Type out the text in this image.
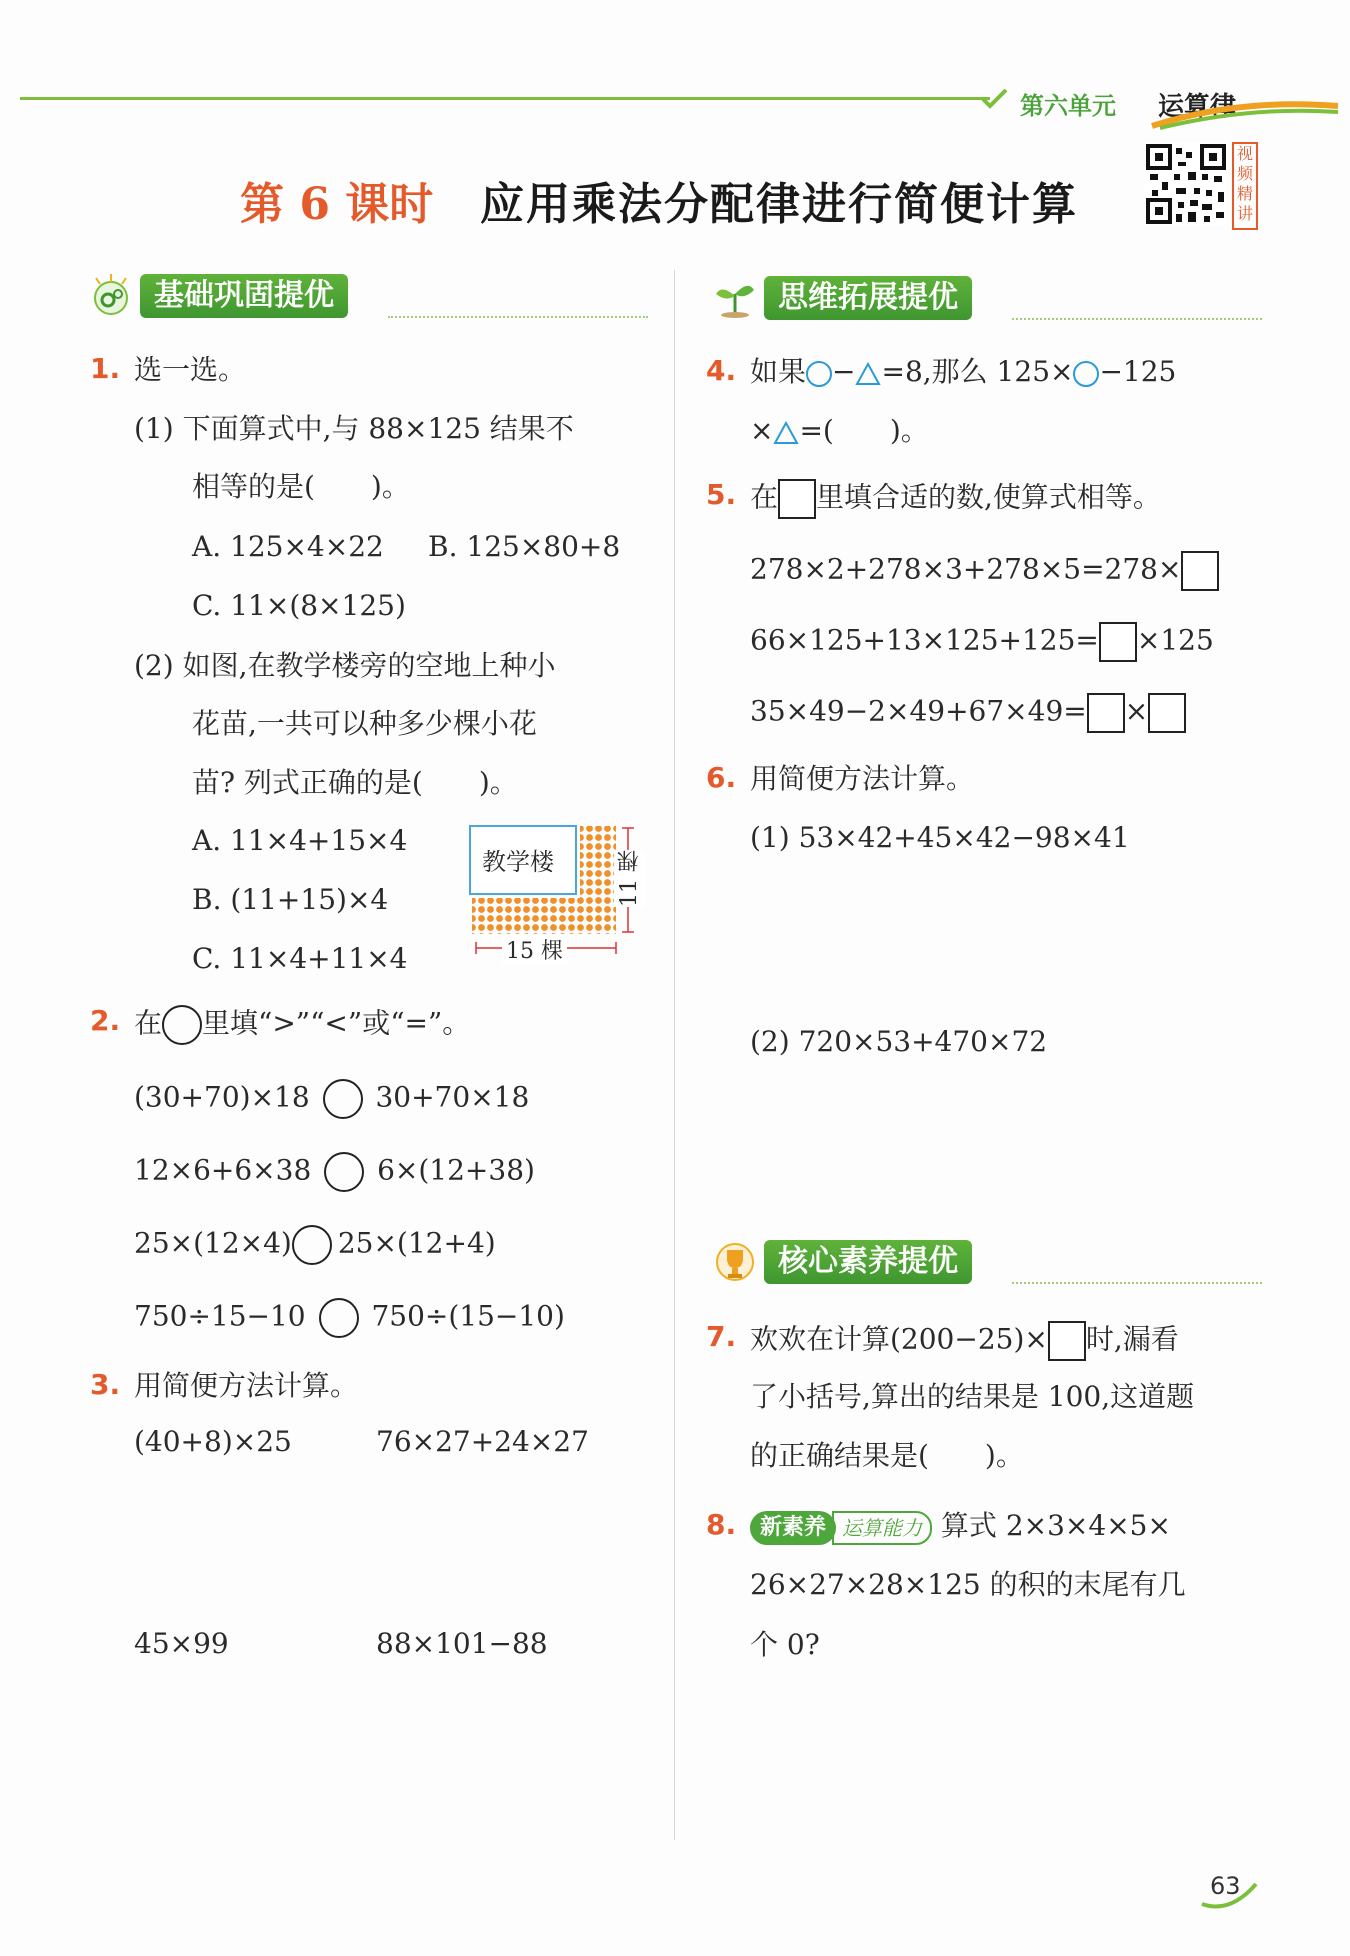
第六单元 运算律
第 6 课时 应用乘法分配律进行简便计算
视频精讲
基础巩固提优
1. 选一选。
(1) 下面算式中,与 88×125 结果不
相等的是(　　)。
A. 125×4×22 B. 125×80+8
C. 11×(8×125)
(2) 如图,在教学楼旁的空地上种小
花苗,一共可以种多少棵小花
苗? 列式正确的是(　　)。
A. 11×4+15×4
B. (11+15)×4
C. 11×4+11×4
教学楼
15 棵
11 棵
2. 在 里填“>”“<”或“=”。
(30+70)×18 30+70×18
12×6+6×38 6×(12+38)
25×(12×4) 25×(12+4)
750÷15−10 750÷(15−10)
3. 用简便方法计算。
(40+8)×25	76×27+24×27
45×99	88×101−88
思维拓展提优
4. 如果 − =8,那么 125× −125
× =(　　)。
5. 在 里填合适的数,使算式相等。
278×2+278×3+278×5=278×
66×125+13×125+125= ×125
35×49−2×49+67×49= ×
6. 用简便方法计算。
(1) 53×42+45×42−98×41
(2) 720×53+470×72
核心素养提优
7. 欢欢在计算(200−25)× 时,漏看
了小括号,算出的结果是 100,这道题
的正确结果是(　　)。
8.	新素养 运算能力 算式 2×3×4×5×
26×27×28×125 的积的末尾有几
个 0?
63
